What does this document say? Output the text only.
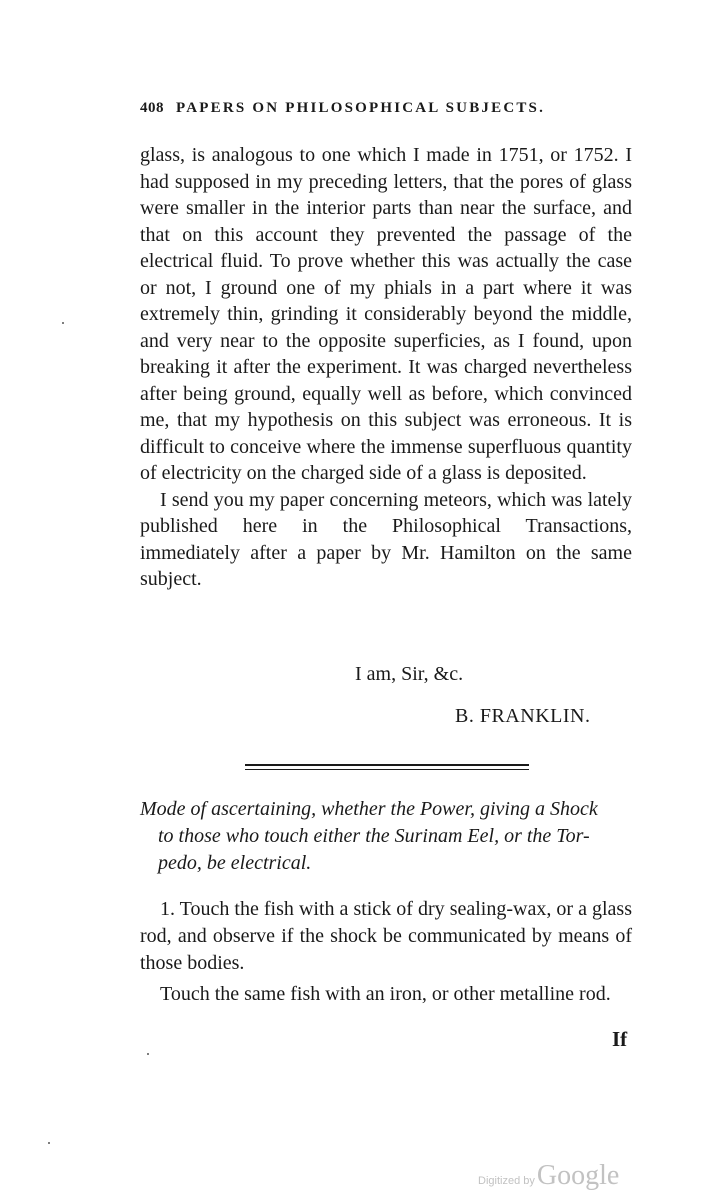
408 PAPERS ON PHILOSOPHICAL SUBJECTS.

glass, is analogous to one which I made in 1751, or 1752. I had supposed in my preceding letters, that the pores of glass were smaller in the interior parts than near the surface, and that on this account they prevented the passage of the electrical fluid. To prove whether this was actually the case or not, I ground one of my phials in a part where it was extremely thin, grinding it considerably beyond the middle, and very near to the opposite superficies, as I found, upon breaking it after the experiment. It was charged nevertheless after being ground, equally well as before, which convinced me, that my hypothesis on this subject was erroneous. It is difficult to conceive where the immense superfluous quantity of electricity on the charged side of a glass is deposited.

I send you my paper concerning meteors, which was lately published here in the Philosophical Transactions, immediately after a paper by Mr. Hamilton on the same subject.

I am, Sir, &c.
B. FRANKLIN.
Mode of ascertaining, whether the Power, giving a Shock
to those who touch either the Surinam Eel, or the Tor-
pedo, be electrical.

1. Touch the fish with a stick of dry sealing-wax, or a glass rod, and observe if the shock be communicated by means of those bodies.

Touch the same fish with an iron, or other metalline rod.

If
Digitized byGoogle
